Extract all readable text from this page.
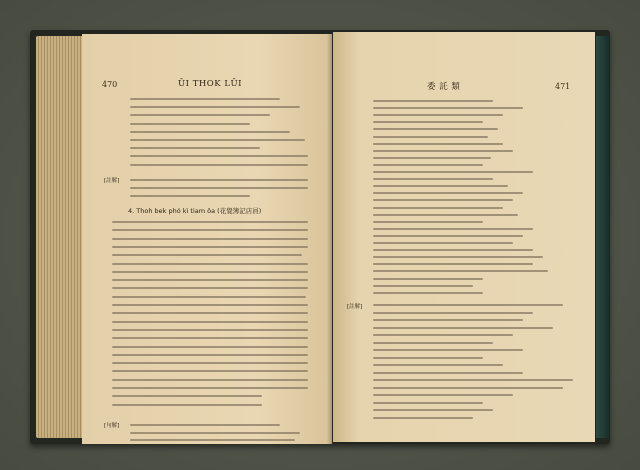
470	ŪI THOK LŪI
[註解]
4. Thoh bek phó kì tiam ôa (花覺簿記店員)
[句解]
委 託 類	471
[註解]
